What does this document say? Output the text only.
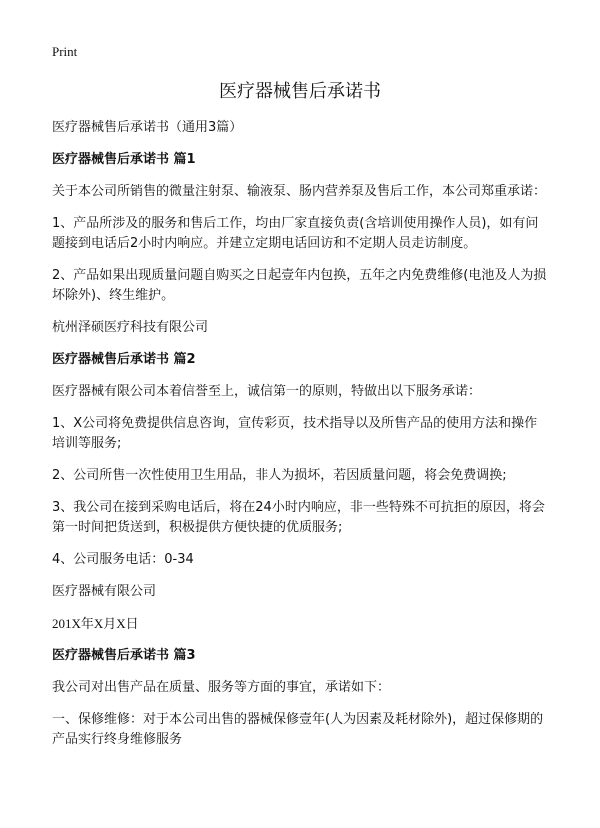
Print
医疗器械售后承诺书

医疗器械售后承诺书（通用3篇）

医疗器械售后承诺书 篇1

关于本公司所销售的微量注射泵、输液泵、肠内营养泵及售后工作，本公司郑重承诺：

1、产品所涉及的服务和售后工作，均由厂家直接负责(含培训使用操作人员)，如有问题接到电话后2小时内响应。并建立定期电话回访和不定期人员走访制度。

2、产品如果出现质量问题自购买之日起壹年内包换，五年之内免费维修(电池及人为损坏除外)、终生维护。

杭州泽硕医疗科技有限公司

医疗器械售后承诺书 篇2

医疗器械有限公司本着信誉至上，诚信第一的原则，特做出以下服务承诺：

1、X公司将免费提供信息咨询，宣传彩页，技术指导以及所售产品的使用方法和操作培训等服务;

2、公司所售一次性使用卫生用品，非人为损坏，若因质量问题，将会免费调换;

3、我公司在接到采购电话后，将在24小时内响应，非一些特殊不可抗拒的原因，将会第一时间把货送到，积极提供方便快捷的优质服务;

4、公司服务电话：0-34

医疗器械有限公司

201X年X月X日

医疗器械售后承诺书 篇3

我公司对出售产品在质量、服务等方面的事宜，承诺如下：

一、保修维修：对于本公司出售的器械保修壹年(人为因素及耗材除外)，超过保修期的产品实行终身维修服务
